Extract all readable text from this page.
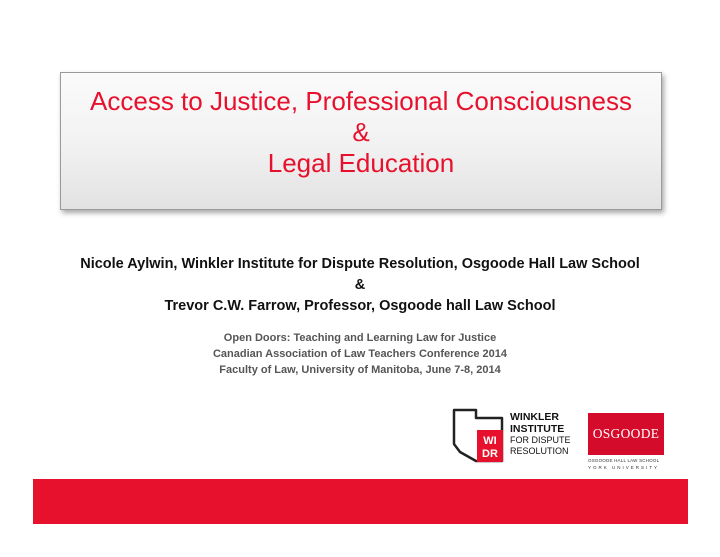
Access to Justice, Professional Consciousness
&
Legal Education
Nicole Aylwin, Winkler Institute for Dispute Resolution, Osgoode Hall Law School
&
Trevor C.W. Farrow, Professor, Osgoode hall Law School
Open Doors: Teaching and Learning Law for Justice
Canadian Association of Law Teachers Conference 2014
Faculty of Law, University of Manitoba, June 7-8, 2014
WI
DR
WINKLER
INSTITUTE
FOR DISPUTE
RESOLUTION
OSGOODE
OSGOODE HALL LAW SCHOOL
YORK UNIVERSITY
